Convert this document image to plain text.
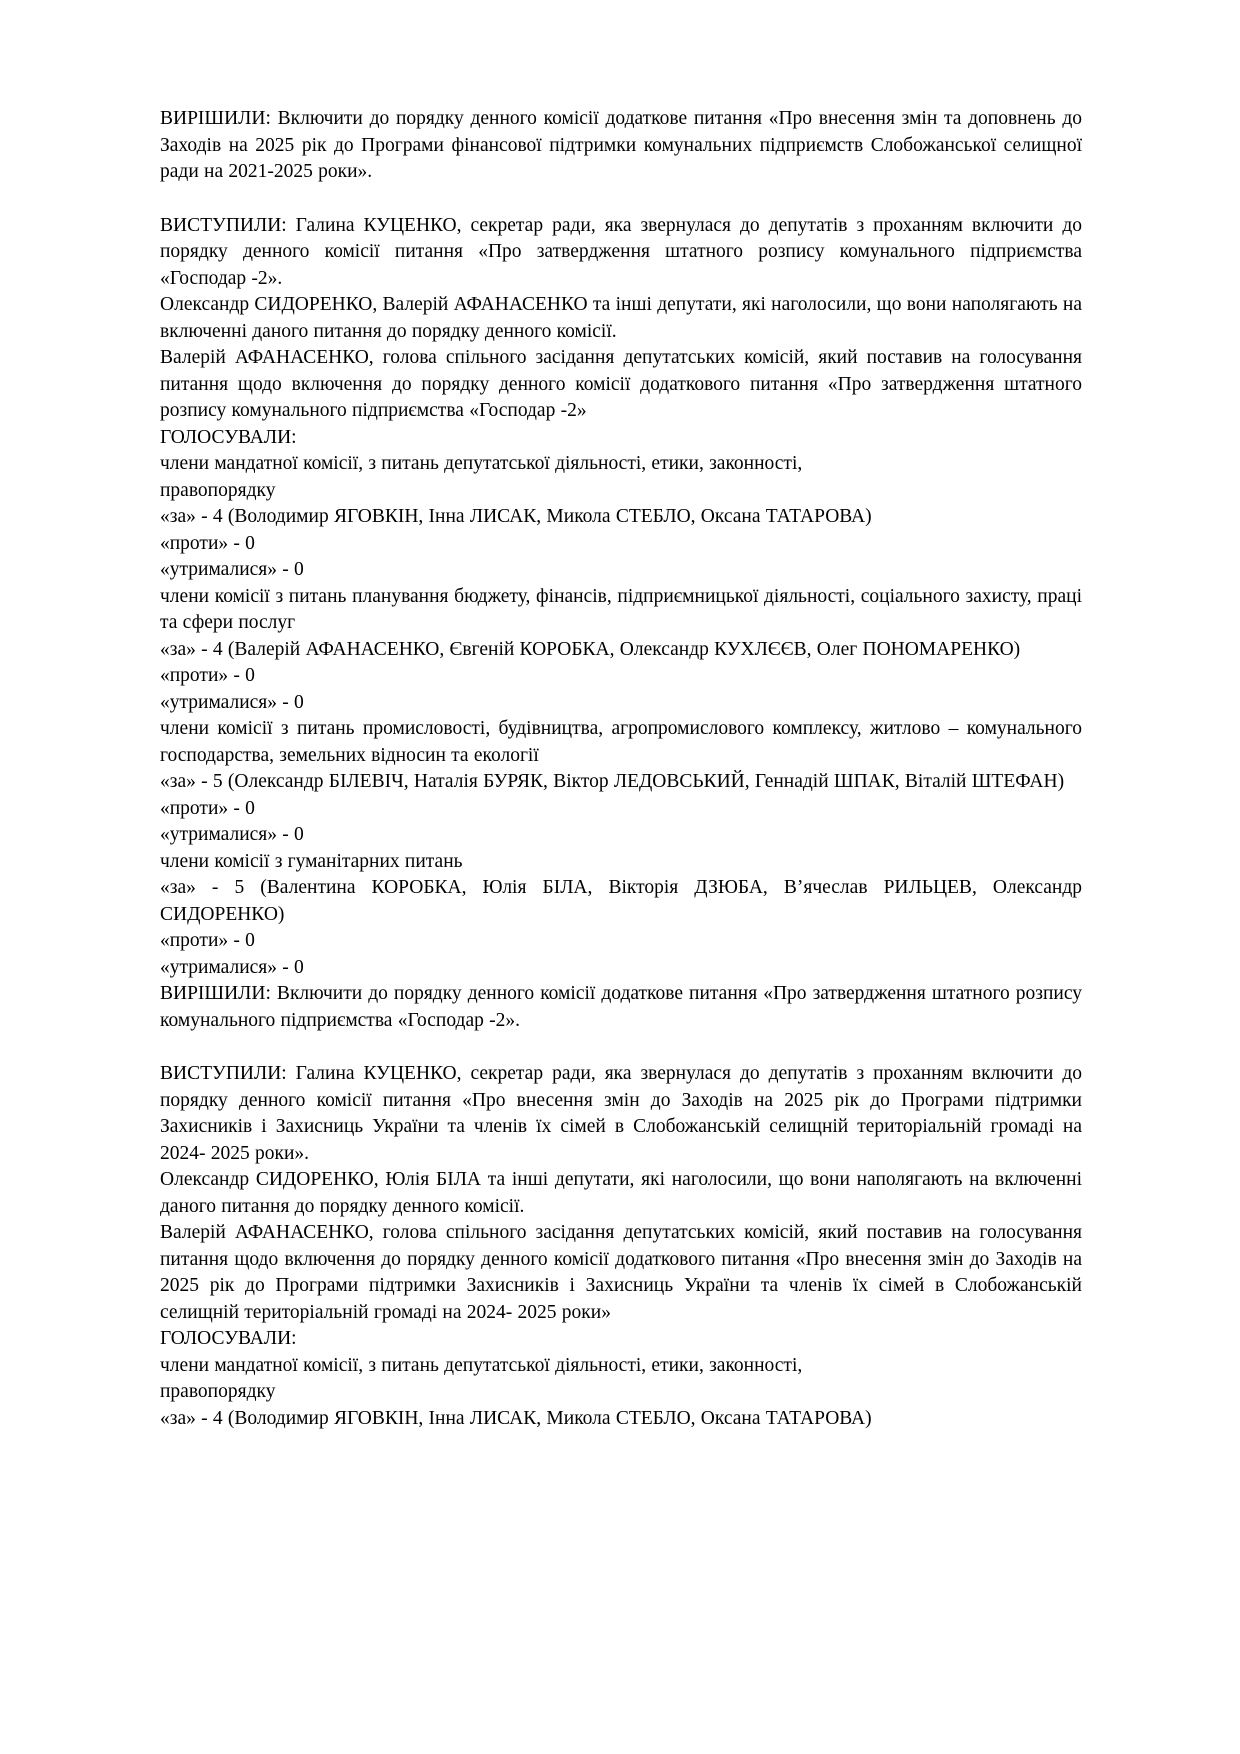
ВИРІШИЛИ: Включити до порядку денного комісії додаткове питання «Про внесення змін та доповнень до Заходів на 2025 рік до Програми фінансової підтримки комунальних підприємств Слобожанської селищної ради на 2021-2025 роки».

ВИСТУПИЛИ: Галина КУЦЕНКО, секретар ради, яка звернулася до депутатів з проханням включити до порядку денного комісії питання «Про затвердження штатного розпису комунального підприємства «Господар -2».

Олександр СИДОРЕНКО, Валерій АФАНАСЕНКО та інші депутати, які наголосили, що вони наполягають на включенні даного питання до порядку денного комісії.

Валерій АФАНАСЕНКО, голова спільного засідання депутатських комісій, який поставив на голосування питання щодо включення до порядку денного комісії додаткового питання «Про затвердження штатного розпису комунального підприємства «Господар -2»

ГОЛОСУВАЛИ:

члени мандатної комісії, з питань депутатської діяльності, етики, законності,

правопорядку

«за» - 4 (Володимир ЯГОВКІН, Інна ЛИСАК, Микола СТЕБЛО, Оксана ТАТАРОВА)

«проти» - 0

«утрималися» - 0

члени комісії з питань планування бюджету, фінансів, підприємницької діяльності, соціального захисту, праці та сфери послуг

«за» - 4 (Валерій АФАНАСЕНКО, Євгеній КОРОБКА, Олександр КУХЛЄЄВ, Олег ПОНОМАРЕНКО)

«проти» - 0

«утрималися» - 0

члени комісії з питань промисловості, будівництва, агропромислового комплексу, житлово – комунального господарства, земельних відносин та екології

«за» - 5 (Олександр БІЛЕВІЧ, Наталія БУРЯК, Віктор ЛЕДОВСЬКИЙ, Геннадій ШПАК, Віталій ШТЕФАН)

«проти» - 0

«утрималися» - 0

члени комісії з гуманітарних питань

«за» - 5 (Валентина КОРОБКА, Юлія БІЛА, Вікторія ДЗЮБА, В’ячеслав РИЛЬЦЕВ, Олександр СИДОРЕНКО)

«проти» - 0

«утрималися» - 0

ВИРІШИЛИ: Включити до порядку денного комісії додаткове питання «Про затвердження штатного розпису комунального підприємства «Господар -2».

ВИСТУПИЛИ: Галина КУЦЕНКО, секретар ради, яка звернулася до депутатів з проханням включити до порядку денного комісії питання «Про внесення змін до Заходів на 2025 рік до Програми підтримки Захисників і Захисниць України та членів їх сімей в Слобожанській селищній територіальній громаді на 2024- 2025 роки».

Олександр СИДОРЕНКО, Юлія БІЛА та інші депутати, які наголосили, що вони наполягають на включенні даного питання до порядку денного комісії.

Валерій АФАНАСЕНКО, голова спільного засідання депутатських комісій, який поставив на голосування питання щодо включення до порядку денного комісії додаткового питання «Про внесення змін до Заходів на 2025 рік до Програми підтримки Захисників і Захисниць України та членів їх сімей в Слобожанській селищній територіальній громаді на 2024- 2025 роки»

ГОЛОСУВАЛИ:

члени мандатної комісії, з питань депутатської діяльності, етики, законності,

правопорядку

«за» - 4 (Володимир ЯГОВКІН, Інна ЛИСАК, Микола СТЕБЛО, Оксана ТАТАРОВА)
